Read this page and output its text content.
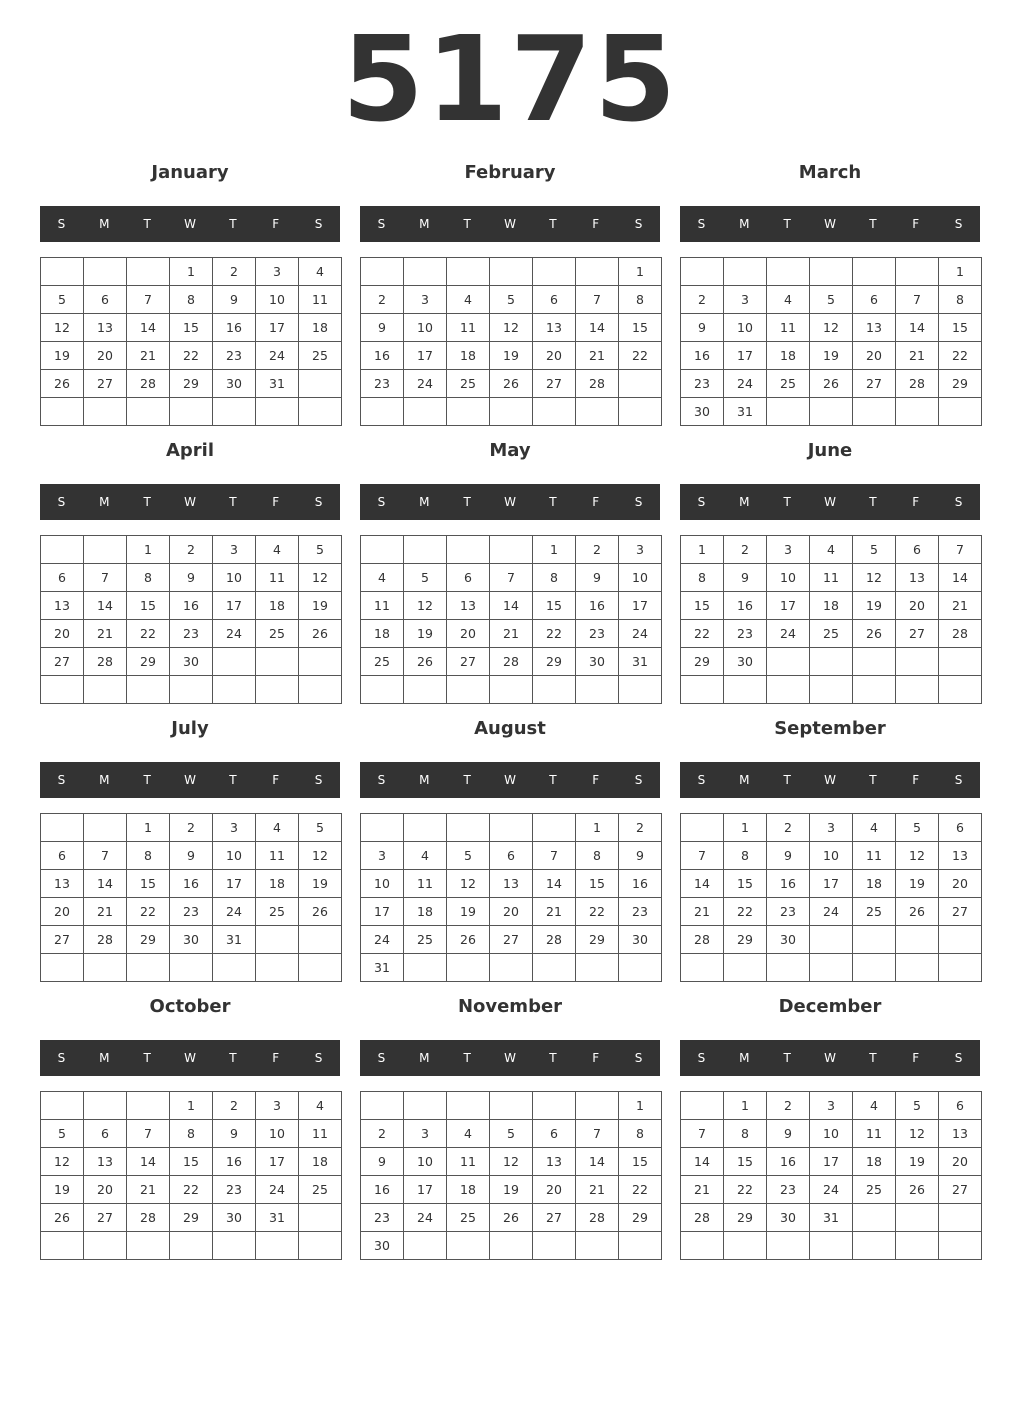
5175
January
S	M	T	W	T	F	S
			1	2	3	4
5	6	7	8	9	10	11
12	13	14	15	16	17	18
19	20	21	22	23	24	25
26	27	28	29	30	31	

February
S	M	T	W	T	F	S
						1
2	3	4	5	6	7	8
9	10	11	12	13	14	15
16	17	18	19	20	21	22
23	24	25	26	27	28	

March
S	M	T	W	T	F	S
						1
2	3	4	5	6	7	8
9	10	11	12	13	14	15
16	17	18	19	20	21	22
23	24	25	26	27	28	29
30	31					
April
S	M	T	W	T	F	S
		1	2	3	4	5
6	7	8	9	10	11	12
13	14	15	16	17	18	19
20	21	22	23	24	25	26
27	28	29	30			

May
S	M	T	W	T	F	S
				1	2	3
4	5	6	7	8	9	10
11	12	13	14	15	16	17
18	19	20	21	22	23	24
25	26	27	28	29	30	31

June
S	M	T	W	T	F	S
1	2	3	4	5	6	7
8	9	10	11	12	13	14
15	16	17	18	19	20	21
22	23	24	25	26	27	28
29	30					

July
S	M	T	W	T	F	S
		1	2	3	4	5
6	7	8	9	10	11	12
13	14	15	16	17	18	19
20	21	22	23	24	25	26
27	28	29	30	31		

August
S	M	T	W	T	F	S
					1	2
3	4	5	6	7	8	9
10	11	12	13	14	15	16
17	18	19	20	21	22	23
24	25	26	27	28	29	30
31						
September
S	M	T	W	T	F	S
	1	2	3	4	5	6
7	8	9	10	11	12	13
14	15	16	17	18	19	20
21	22	23	24	25	26	27
28	29	30				

October
S	M	T	W	T	F	S
			1	2	3	4
5	6	7	8	9	10	11
12	13	14	15	16	17	18
19	20	21	22	23	24	25
26	27	28	29	30	31	

November
S	M	T	W	T	F	S
						1
2	3	4	5	6	7	8
9	10	11	12	13	14	15
16	17	18	19	20	21	22
23	24	25	26	27	28	29
30						
December
S	M	T	W	T	F	S
	1	2	3	4	5	6
7	8	9	10	11	12	13
14	15	16	17	18	19	20
21	22	23	24	25	26	27
28	29	30	31			
